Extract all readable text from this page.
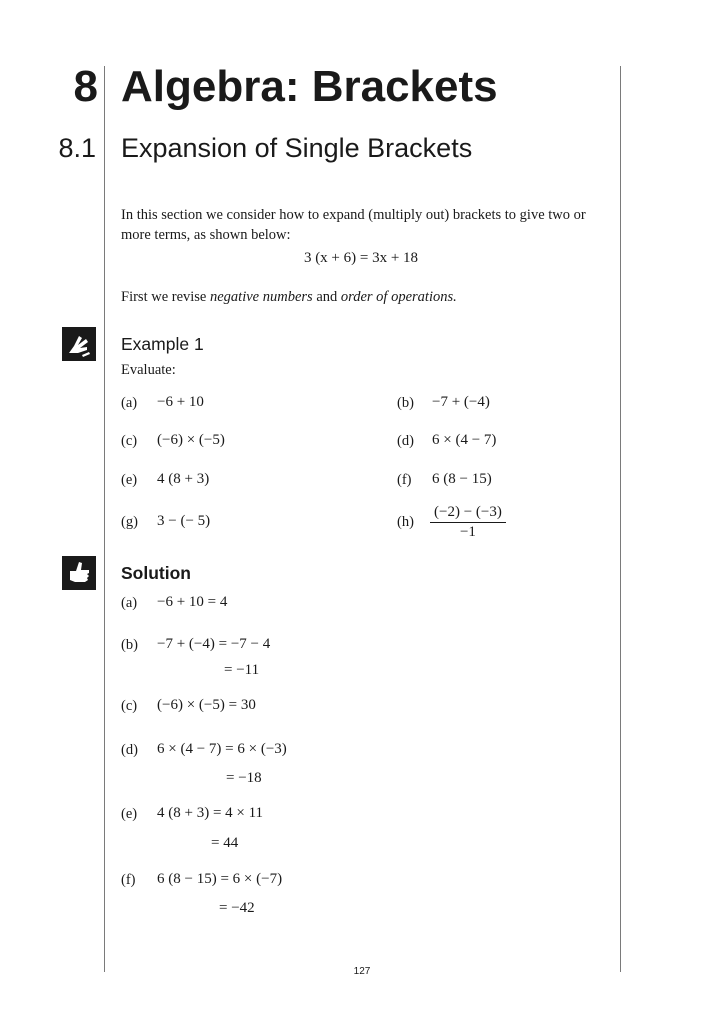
8 Algebra: Brackets
8.1 Expansion of Single Brackets
In this section we consider how to expand (multiply out) brackets to give two or
more terms, as shown below:
3 (x + 6) = 3x + 18
First we revise negative numbers and order of operations.
Example 1
Evaluate:
(a) −6 + 10	(b) −7 + (−4)
(c) (−6) × (−5)	(d) 6 × (4 − 7)
(e) 4 (8 + 3)	(f) 6 (8 − 15)
(g) 3 − (− 5)	$(h) \frac{(-2) - (-3)}{-1}$
Solution
(a) −6 + 10 = 4
(b) −7 + (−4) = −7 − 4
= −11
(c) (−6) × (−5) = 30
(d) 6 × (4 − 7) = 6 × (−3)
= −18
(e) 4 (8 + 3) = 4 × 11
= 44
(f) 6 (8 − 15) = 6 × (−7)
= −42
127
